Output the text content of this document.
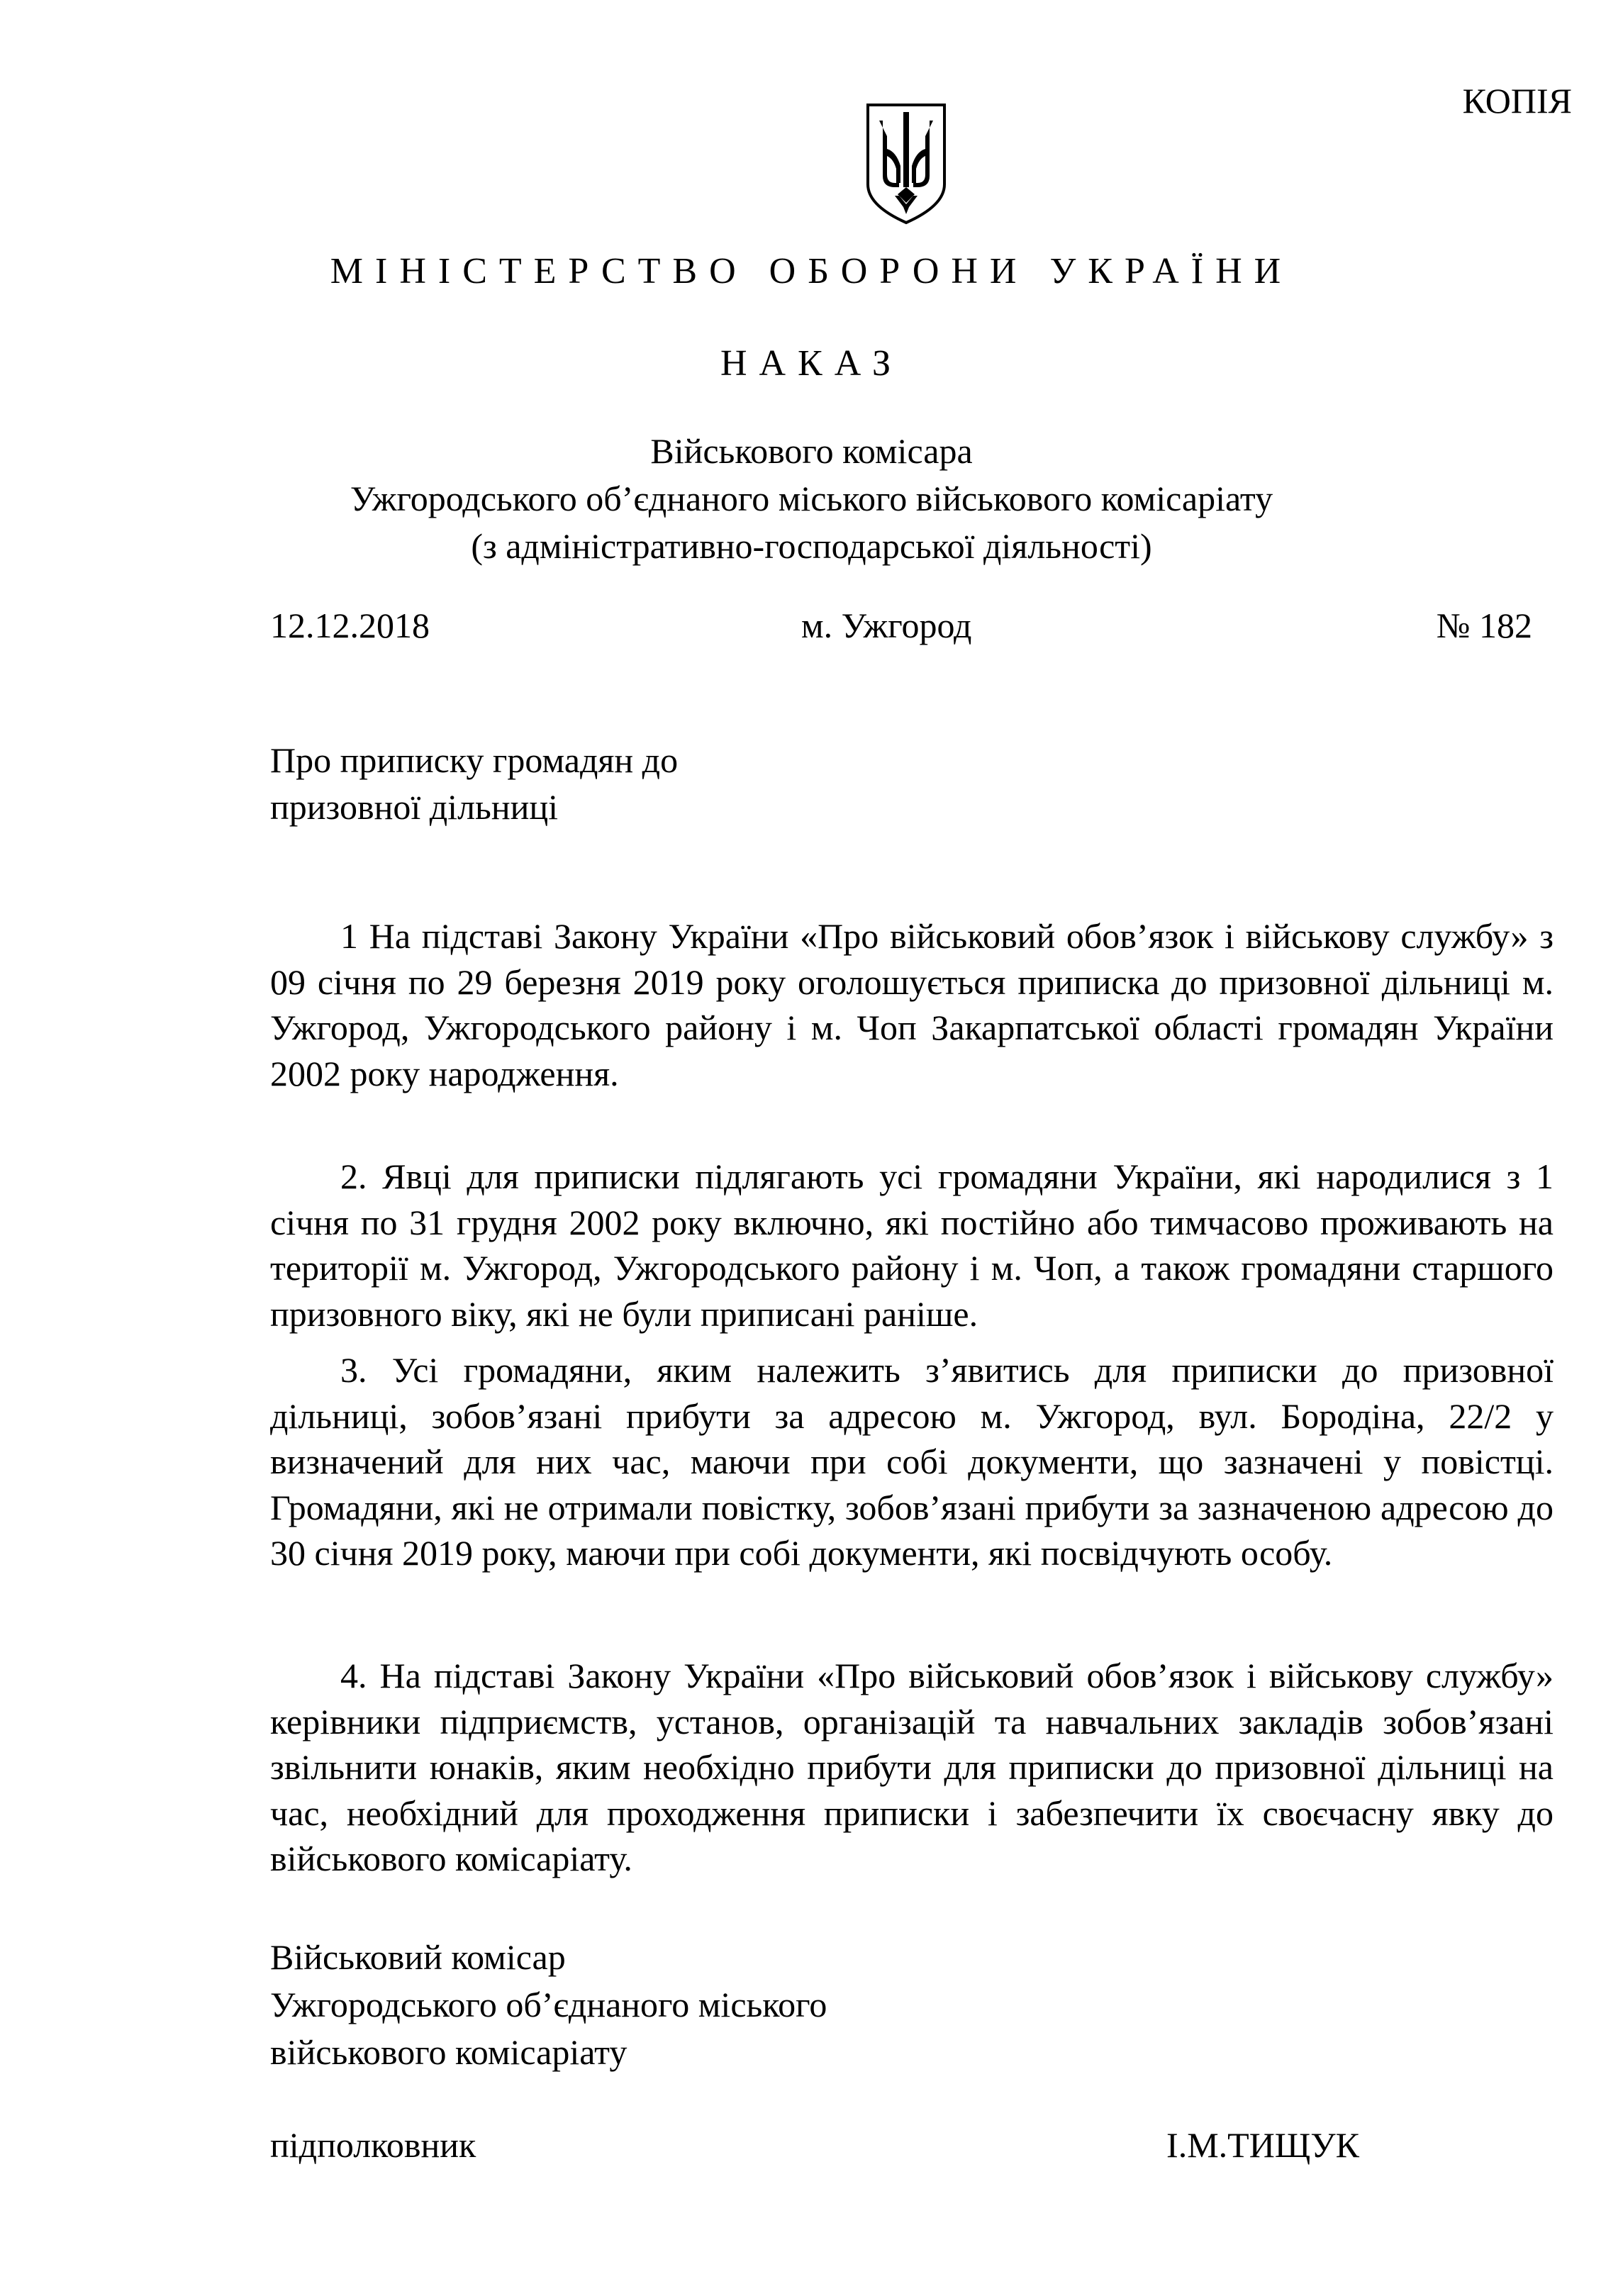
КОПІЯ
МІНІСТЕРСТВО ОБОРОНИ УКРАЇНИ
НАКАЗ
Військового комісара
Ужгородського об’єднаного міського військового комісаріату
(з адміністративно-господарської діяльності)
12.12.2018	м. Ужгород	№ 182
Про приписку громадян до
призовної дільниці

1 На підставі Закону України «Про військовий обов’язок і військову службу» з 09 січня по 29 березня 2019 року оголошується приписка до призовної дільниці м. Ужгород, Ужгородського району і м. Чоп Закарпатської області громадян України 2002 року народження.

2. Явці для приписки підлягають усі громадяни України, які народилися з 1 січня по 31 грудня 2002 року включно, які постійно або тимчасово проживають на території м. Ужгород, Ужгородського району і м. Чоп, а також громадяни старшого призовного віку, які не були приписані раніше.

3. Усі громадяни, яким належить з’явитись для приписки до призовної дільниці, зобов’язані прибути за адресою м. Ужгород, вул. Бородіна, 22/2 у визначений для них час, маючи при собі документи, що зазначені у повістці. Громадяни, які не отримали повістку, зобов’язані прибути за зазначеною адресою до 30 січня 2019 року, маючи при собі документи, які посвідчують особу.

4. На підставі Закону України «Про військовий обов’язок і військову службу» керівники підприємств, установ, організацій та навчальних закладів зобов’язані звільнити юнаків, яким необхідно прибути для приписки до призовної дільниці на час, необхідний для проходження приписки і забезпечити їх своєчасну явку до військового комісаріату.

Військовий комісар
Ужгородського об’єднаного міського
військового комісаріату
підполковник	І.М.ТИЩУК
